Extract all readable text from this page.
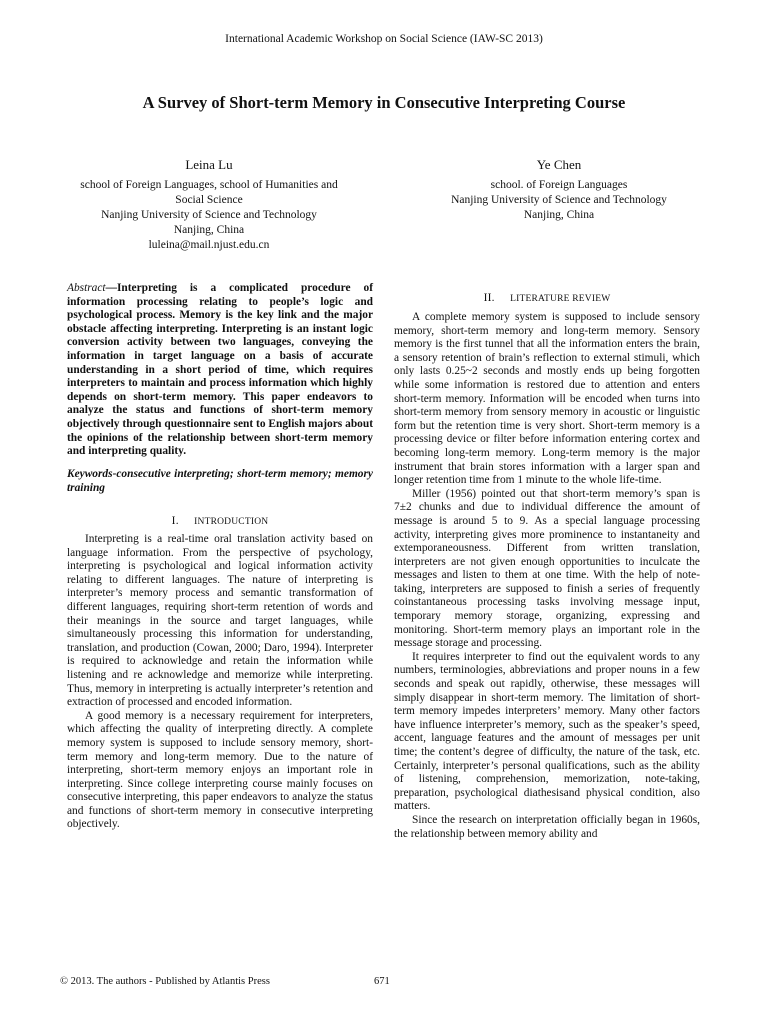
International Academic Workshop on Social Science (IAW-SC 2013)
A Survey of Short-term Memory in Consecutive Interpreting Course
Leina Lu
school of Foreign Languages, school of Humanities and
Social Science
Nanjing University of Science and Technology
Nanjing, China
luleina@mail.njust.edu.cn
Ye Chen
school. of Foreign Languages
Nanjing University of Science and Technology
Nanjing, China
Abstract—Interpreting is a complicated procedure of information processing relating to people’s logic and psychological process. Memory is the key link and the major obstacle affecting interpreting. Interpreting is an instant logic conversion activity between two languages, conveying the information in target language on a basis of accurate understanding in a short period of time, which requires interpreters to maintain and process information which highly depends on short-term memory. This paper endeavors to analyze the status and functions of short-term memory objectively through questionnaire sent to English majors about the opinions of the relationship between short-term memory and interpreting quality.
Keywords-consecutive interpreting; short-term memory; memory training
I. INTRODUCTION

Interpreting is a real-time oral translation activity based on language information. From the perspective of psychology, interpreting is psychological and logical information activity relating to different languages. The nature of interpreting is interpreter’s memory process and semantic transformation of different languages, requiring short-term retention of words and their meanings in the source and target languages, while simultaneously processing this information for understanding, translation, and production (Cowan, 2000; Daro, 1994). Interpreter is required to acknowledge and retain the information while listening and re acknowledge and memorize while interpreting. Thus, memory in interpreting is actually interpreter’s retention and extraction of processed and encoded information.

A good memory is a necessary requirement for interpreters, which affecting the quality of interpreting directly. A complete memory system is supposed to include sensory memory, short-term memory and long-term memory. Due to the nature of interpreting, short-term memory enjoys an important role in interpreting. Since college interpreting course mainly focuses on consecutive interpreting, this paper endeavors to analyze the status and functions of short-term memory in consecutive interpreting objectively.

II. LITERATURE REVIEW

A complete memory system is supposed to include sensory memory, short-term memory and long-term memory. Sensory memory is the first tunnel that all the information enters the brain, a sensory retention of brain’s reflection to external stimuli, which only lasts 0.25~2 seconds and mostly ends up being forgotten while some information is restored due to attention and enters short-term memory. Information will be encoded when turns into short-term memory from sensory memory in acoustic or linguistic form but the retention time is very short. Short-term memory is a processing device or filter before information entering cortex and becoming long-term memory. Long-term memory is the major instrument that brain stores information with a larger span and longer retention time from 1 minute to the whole life-time.

Miller (1956) pointed out that short-term memory’s span is 7±2 chunks and due to individual difference the amount of message is around 5 to 9. As a special language processing activity, interpreting gives more prominence to instantaneity and extemporaneousness. Different from written translation, interpreters are not given enough opportunities to inculcate the messages and listen to them at one time. With the help of note-taking, interpreters are supposed to finish a series of frequently coinstantaneous processing tasks involving message input, temporary memory storage, organizing, expressing and monitoring. Short-term memory plays an important role in the message storage and processing.

It requires interpreter to find out the equivalent words to any numbers, terminologies, abbreviations and proper nouns in a few seconds and speak out rapidly, otherwise, these messages will simply disappear in short-term memory. The limitation of short-term memory impedes interpreters’ memory. Many other factors have influence interpreter’s memory, such as the speaker’s speed, accent, language features and the amount of messages per unit time; the content’s degree of difficulty, the nature of the task, etc. Certainly, interpreter’s personal qualifications, such as the ability of listening, comprehension, memorization, note-taking, preparation, psychological diathesisand physical condition, also matters.

Since the research on interpretation officially began in 1960s, the relationship between memory ability and

© 2013. The authors - Published by Atlantis Press	671
